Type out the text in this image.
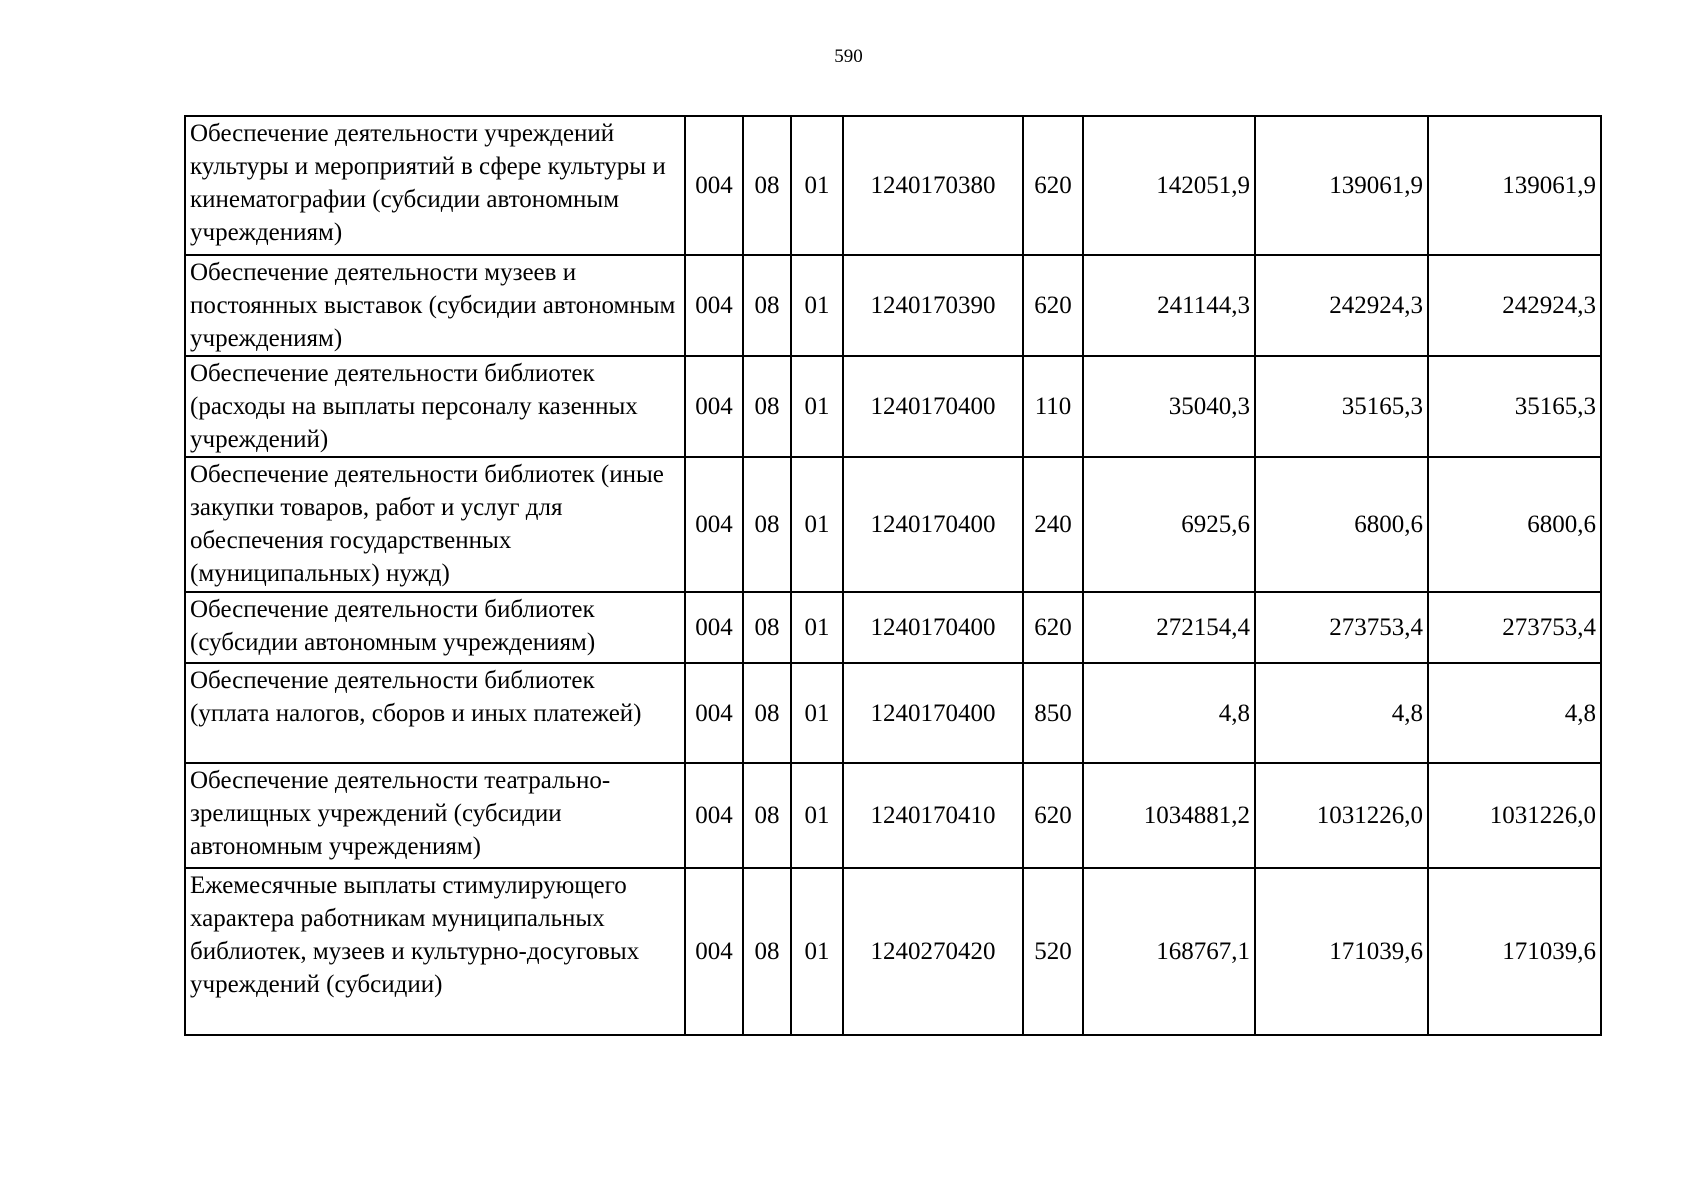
590
Обеспечение деятельности учреждений культуры и мероприятий в сфере культуры и кинематографии (субсидии автономным учреждениям)	004	08	01	1240170380	620	142051,9	139061,9	139061,9
Обеспечение деятельности музеев и постоянных выставок (субсидии автономным учреждениям)	004	08	01	1240170390	620	241144,3	242924,3	242924,3
Обеспечение деятельности библиотек (расходы на выплаты персоналу казенных учреждений)	004	08	01	1240170400	110	35040,3	35165,3	35165,3
Обеспечение деятельности библиотек (иные закупки товаров, работ и услуг для обеспечения государственных (муниципальных) нужд)	004	08	01	1240170400	240	6925,6	6800,6	6800,6
Обеспечение деятельности библиотек (субсидии автономным учреждениям)	004	08	01	1240170400	620	272154,4	273753,4	273753,4
Обеспечение деятельности библиотек (уплата налогов, сборов и иных платежей)	004	08	01	1240170400	850	4,8	4,8	4,8
Обеспечение деятельности театрально-зрелищных учреждений (субсидии автономным учреждениям)	004	08	01	1240170410	620	1034881,2	1031226,0	1031226,0
Ежемесячные выплаты стимулирующего характера работникам муниципальных библиотек, музеев и культурно-досуговых учреждений (субсидии)	004	08	01	1240270420	520	168767,1	171039,6	171039,6
